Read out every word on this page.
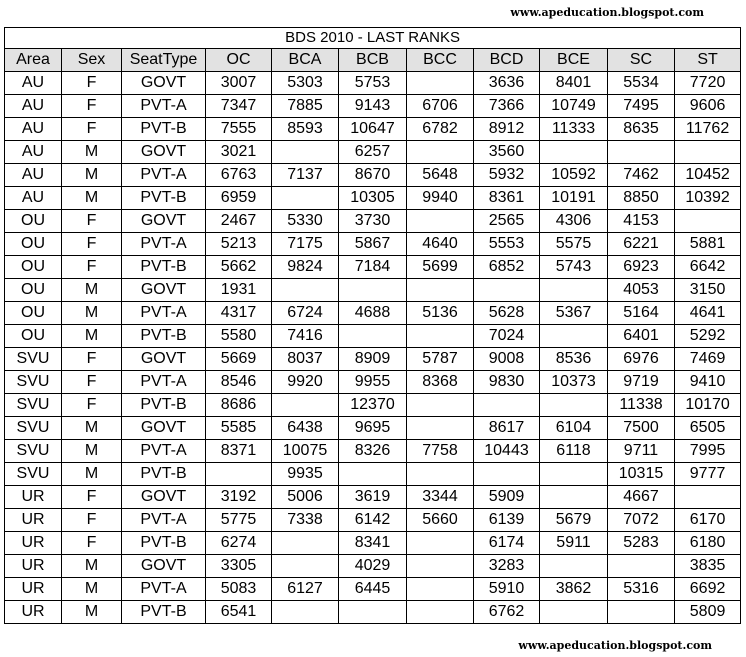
www.apeducation.blogspot.com
BDS 2010 - LAST RANKS										
Area	Sex	SeatType	OC	BCA	BCB	BCC	BCD	BCE	SC	ST
AU	F	GOVT	3007	5303	5753		3636	8401	5534	7720
AU	F	PVT-A	7347	7885	9143	6706	7366	10749	7495	9606
AU	F	PVT-B	7555	8593	10647	6782	8912	11333	8635	11762
AU	M	GOVT	3021		6257		3560			
AU	M	PVT-A	6763	7137	8670	5648	5932	10592	7462	10452
AU	M	PVT-B	6959		10305	9940	8361	10191	8850	10392
OU	F	GOVT	2467	5330	3730		2565	4306	4153	
OU	F	PVT-A	5213	7175	5867	4640	5553	5575	6221	5881
OU	F	PVT-B	5662	9824	7184	5699	6852	5743	6923	6642
OU	M	GOVT	1931						4053	3150
OU	M	PVT-A	4317	6724	4688	5136	5628	5367	5164	4641
OU	M	PVT-B	5580	7416			7024		6401	5292
SVU	F	GOVT	5669	8037	8909	5787	9008	8536	6976	7469
SVU	F	PVT-A	8546	9920	9955	8368	9830	10373	9719	9410
SVU	F	PVT-B	8686		12370				11338	10170
SVU	M	GOVT	5585	6438	9695		8617	6104	7500	6505
SVU	M	PVT-A	8371	10075	8326	7758	10443	6118	9711	7995
SVU	M	PVT-B		9935					10315	9777
UR	F	GOVT	3192	5006	3619	3344	5909		4667	
UR	F	PVT-A	5775	7338	6142	5660	6139	5679	7072	6170
UR	F	PVT-B	6274		8341		6174	5911	5283	6180
UR	M	GOVT	3305		4029		3283			3835
UR	M	PVT-A	5083	6127	6445		5910	3862	5316	6692
UR	M	PVT-B	6541				6762			5809
www.apeducation.blogspot.com
